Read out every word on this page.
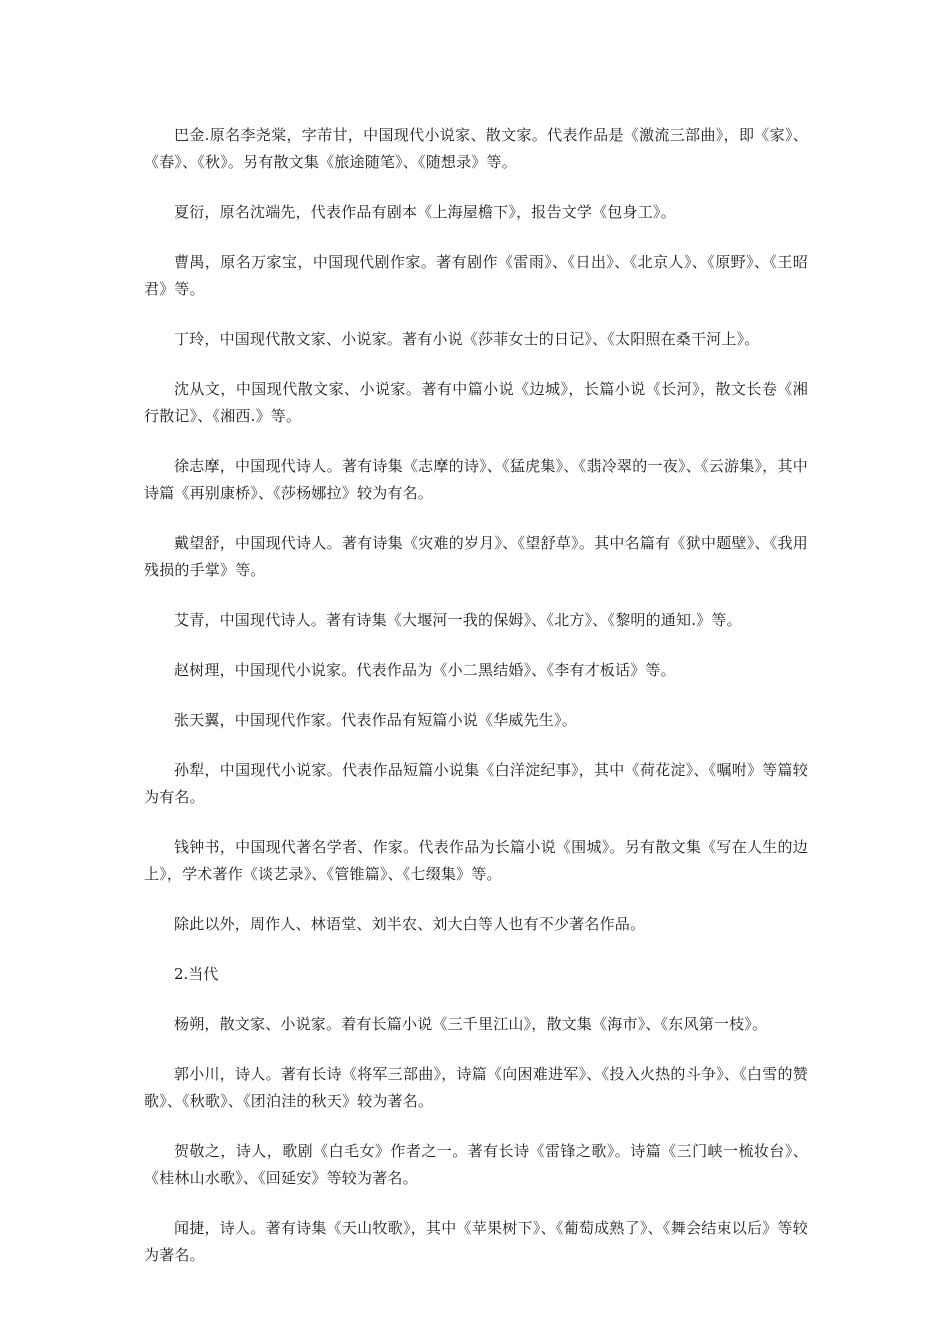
巴金.原名李尧棠，字芾甘，中国现代小说家、散文家。代表作品是《激流三部曲》，即《家》、《春》、《秋》。另有散文集《旅途随笔》、《随想录》等。

夏衍，原名沈端先，代表作品有剧本《上海屋檐下》，报告文学《包身工》。

曹禺，原名万家宝，中国现代剧作家。著有剧作《雷雨》、《日出》、《北京人》、《原野》、《王昭君》等。

丁玲，中国现代散文家、小说家。著有小说《莎菲女士的日记》、《太阳照在桑干河上》。

沈从文，中国现代散文家、小说家。著有中篇小说《边城》，长篇小说《长河》，散文长卷《湘行散记》、《湘西.》等。

徐志摩，中国现代诗人。著有诗集《志摩的诗》、《猛虎集》、《翡冷翠的一夜》、《云游集》，其中诗篇《再别康桥》、《莎杨娜拉》较为有名。

戴望舒，中国现代诗人。著有诗集《灾难的岁月》、《望舒草》。其中名篇有《狱中题壁》、《我用残损的手掌》等。

艾青，中国现代诗人。著有诗集《大堰河一我的保姆》、《北方》、《黎明的通知.》等。

赵树理，中国现代小说家。代表作品为《小二黑结婚》、《李有才板话》等。

张天翼，中国现代作家。代表作品有短篇小说《华威先生》。

孙犁，中国现代小说家。代表作品短篇小说集《白洋淀纪事》，其中《荷花淀》、《嘱咐》等篇较为有名。

钱钟书，中国现代著名学者、作家。代表作品为长篇小说《围城》。另有散文集《写在人生的边上》，学术著作《谈艺录》、《管锥篇》、《七缀集》等。

除此以外，周作人、林语堂、刘半农、刘大白等人也有不少著名作品。

2.当代

杨朔，散文家、小说家。着有长篇小说《三千里江山》，散文集《海市》、《东风第一枝》。

郭小川，诗人。著有长诗《将军三部曲》，诗篇《向困难进军》、《投入火热的斗争》、《白雪的赞歌》、《秋歌》、《团泊洼的秋天》较为著名。

贺敬之，诗人，歌剧《白毛女》作者之一。著有长诗《雷锋之歌》。诗篇《三门峡一梳妆台》、《桂林山水歌》、《回延安》等较为著名。

闻捷，诗人。著有诗集《天山牧歌》，其中《苹果树下》、《葡萄成熟了》、《舞会结束以后》等较为著名。
